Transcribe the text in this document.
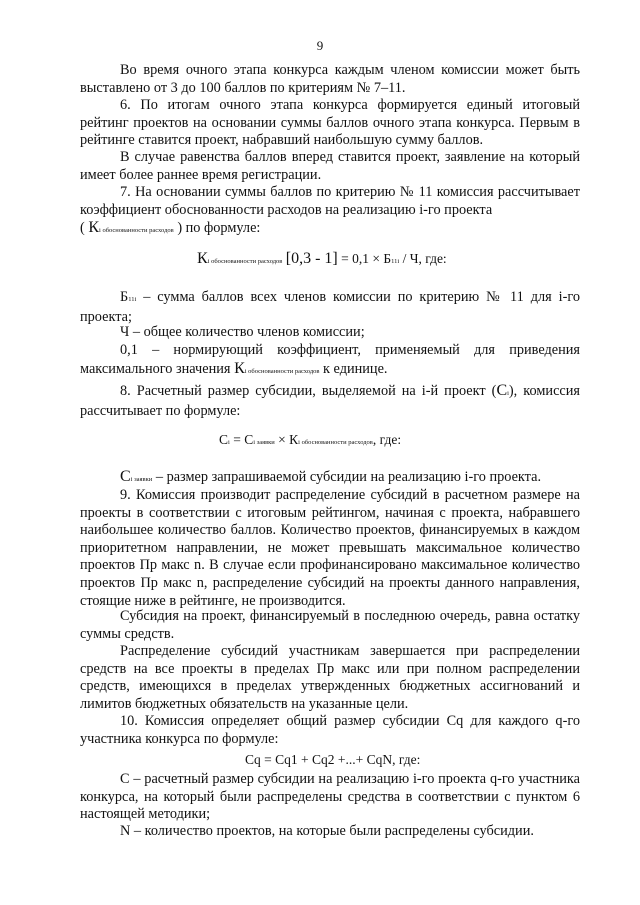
9

Во время очного этапа конкурса каждым членом комиссии может быть выставлено от 3 до 100 баллов по критериям № 7–11.

6. По итогам очного этапа конкурса формируется единый итоговый рейтинг проектов на основании суммы баллов очного этапа конкурса. Первым в рейтинге ставится проект, набравший наибольшую сумму баллов.

В случае равенства баллов вперед ставится проект, заявление на который имеет более раннее время регистрации.

7. На основании суммы баллов по критерию № 11 комиссия рассчитывает коэффициент обоснованности расходов на реализацию i-го проекта
( Кi обоснованности расходов ) по формуле:

Кi обоснованности расходов [0,3 - 1] = 0,1 × Б11i / Ч, где:

Б11i – сумма баллов всех членов комиссии по критерию № 11 для i-го проекта;

Ч – общее количество членов комиссии;

0,1 – нормирующий коэффициент, применяемый для приведения максимального значения Кi обоснованности расходов к единице.

8. Расчетный размер субсидии, выделяемой на i-й проект (Сi), комиссия рассчитывает по формуле:

Сi = Сi заявки × Кi обоснованности расходов, где:

Сi заявки – размер запрашиваемой субсидии на реализацию i-го проекта.

9. Комиссия производит распределение субсидий в расчетном размере на проекты в соответствии с итоговым рейтингом, начиная с проекта, набравшего наибольшее количество баллов. Количество проектов, финансируемых в каждом приоритетном направлении, не может превышать максимальное количество проектов Пр макс n. В случае если профинансировано максимальное количество проектов Пр макс n, распределение субсидий на проекты данного направления, стоящие ниже в рейтинге, не производится.

Субсидия на проект, финансируемый в последнюю очередь, равна остатку суммы средств.

Распределение субсидий участникам завершается при распределении средств на все проекты в пределах Пр макс или при полном распределении средств, имеющихся в пределах утвержденных бюджетных ассигнований и лимитов бюджетных обязательств на указанные цели.

10. Комиссия определяет общий размер субсидии Cq для каждого q-го участника конкурса по формуле:

Cq = Cq1 + Cq2 +...+ CqN, где:

С – расчетный размер субсидии на реализацию i-го проекта q-го участника конкурса, на который были распределены средства в соответствии с пунктом 6 настоящей методики;

N – количество проектов, на которые были распределены субсидии.
